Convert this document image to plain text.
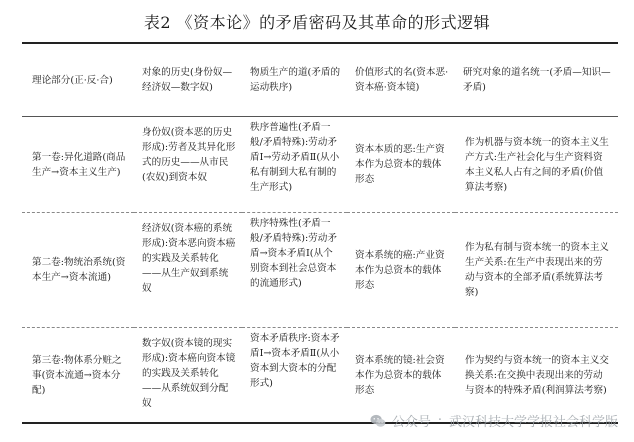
表2 《资本论》的矛盾密码及其革命的形式逻辑
理论部分(正·反·合)	对象的历史(身份奴—经济奴—数字奴)	物质生产的道(矛盾的运动秩序)	价值形式的名(资本恶·资本癌·资本镜)	研究对象的道名统一(矛盾—知识—矛盾)
第一卷:异化道路(商品生产→资本主义生产)	身份奴(资本恶的历史形成):劳者及其异化形式的历史——从市民(农奴)到资本奴	秩序普遍性(矛盾一般/矛盾特殊):劳动矛盾Ⅰ→劳动矛盾Ⅱ(从小私有制到大私有制的生产形式)	资本本质的恶:生产资本作为总资本的载体形态	作为机器与资本统一的资本主义生产方式:生产社会化与生产资料资本主义私人占有之间的矛盾(价值算法考察)
第二卷:物统治系统(资本生产→资本流通)	经济奴(资本癌的系统形成):资本恶向资本癌的实践及关系转化——从生产奴到系统奴	秩序特殊性(矛盾一般/矛盾特殊):劳动矛盾→资本矛盾Ⅰ(从个别资本到社会总资本的流通形式)	资本系统的癌:产业资本作为总资本的载体形态	作为私有制与资本统一的资本主义生产关系:在生产中表现出来的劳动与资本的全部矛盾(系统算法考察)
第三卷:物体系分赃之事(资本流通→资本分配)	数字奴(资本镜的现实形成):资本癌向资本镜的实践及关系转化——从系统奴到分配奴	资本矛盾秩序:资本矛盾Ⅰ→资本矛盾Ⅱ(从小资本到大资本的分配形式)	资本系统的镜:社会资本作为总资本的载体形态	作为契约与资本统一的资本主义交换关系:在交换中表现出来的劳动与资本的特殊矛盾(利润算法考察)
公众号 · 武汉科技大学学报社会科学版
